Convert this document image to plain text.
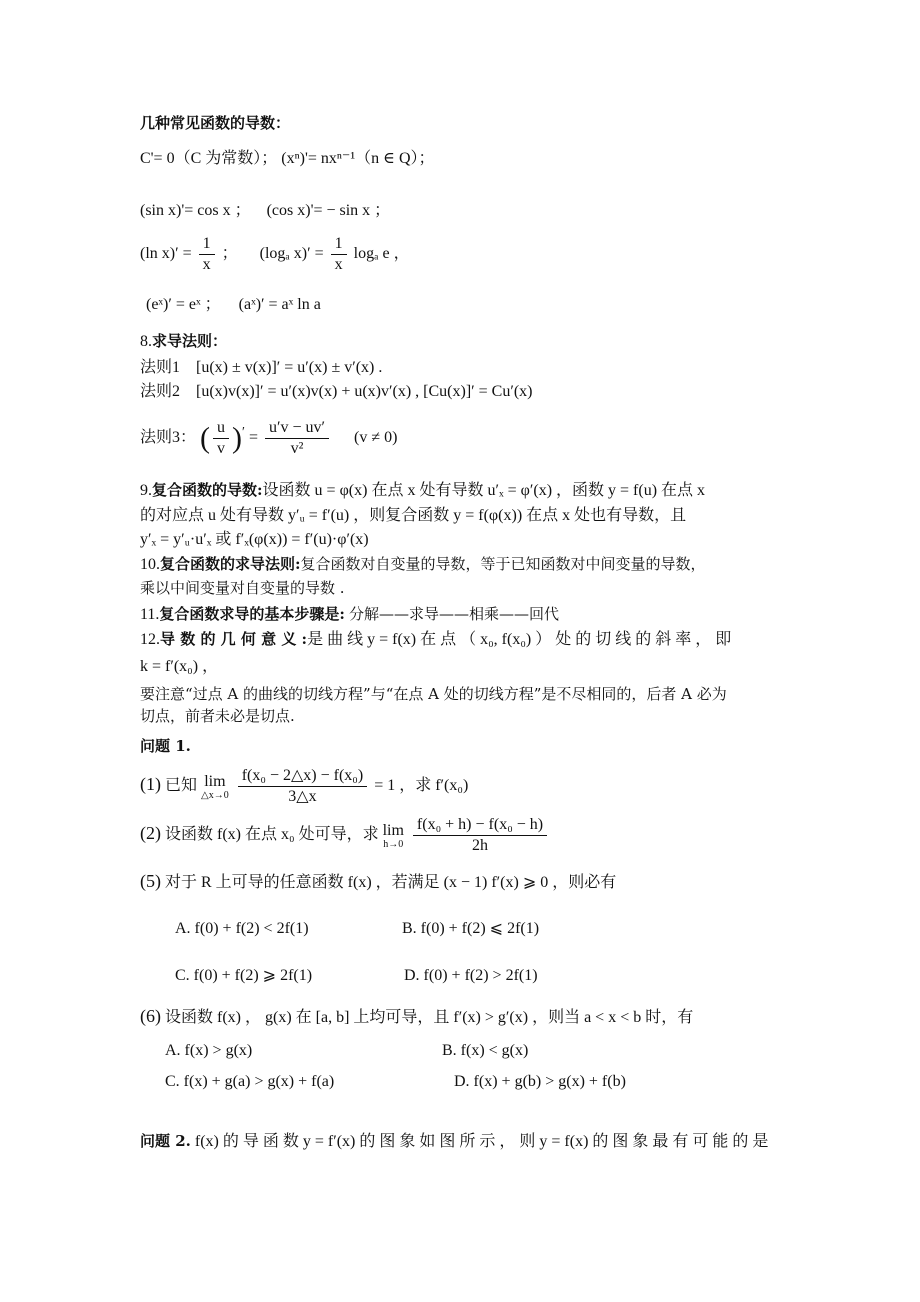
几种常见函数的导数：
C'= 0（C 为常数）； (xⁿ)'= nxⁿ⁻¹（n ∈ Q）；
(sin x)'= cos x ； (cos x)'= − sin x ；
(ln $x)' = \frac{1}{x}$ ； (logₐ $x)' = \frac{1}{x}$ logₐ e ，
(eˣ)′ = eˣ ； (aˣ)′ = aˣ ln a
8.求导法则：
法则1 [u(x) ± v(x)]′ = u′(x) ± v′(x) .
法则2 [u(x)v(x)]′ = u′(x)v(x) + u(x)v′(x) , [Cu(x)]′ = Cu′(x)
法则3： ( $\frac{u}{v} )' = \frac{u'v - uv'}{\text{v²}} (v \ne 0)$
9.复合函数的导数:设函数 u = φ(x) 在点 x 处有导数 u′ₓ = φ′(x) ，函数 y = f(u) 在点 x
的对应点 u 处有导数 y′ᵤ = f′(u) ，则复合函数 y = f(φ(x)) 在点 x 处也有导数，且
y′ₓ = y′ᵤ·u′ₓ 或 f′ₓ(φ(x)) = f′(u)·φ′(x)
10.复合函数的求导法则:复合函数对自变量的导数，等于已知函数对中间变量的导数，
乘以中间变量对自变量的导数 .
11.复合函数求导的基本步骤是: 分解——求导——相乘——回代
12.导 数 的 几 何 意 义 :是 曲 线 y = f(x) 在 点 （ x₀, f(x₀) ） 处 的 切 线 的 斜 率 ， 即
k = f′(x₀) ，
要注意“过点 A 的曲线的切线方程”与“在点 A 处的切线方程”是不尽相同的，后者 A 必为
切点，前者未必是切点.
问题 1.
(1) 已知 lim
△x→0
$\frac{\text{f(x₀ − 2△x) − f(x₀)}}{3\triangle x} = 1$ ，求 f′(x₀)
(2) 设函数 f(x) 在点 x₀ 处可导，求 lim
h→0
$\frac{\text{f(x₀ + h) − f(x₀ − h)}}{2h}$
(5) 对于 R 上可导的任意函数 f(x) ，若满足 (x − 1) f′(x) ⩾ 0 ，则必有
A. f(0) + f(2) < 2f(1)	B. f(0) + f(2) ⩽ 2f(1)
C. f(0) + f(2) ⩾ 2f(1)	D. f(0) + f(2) > 2f(1)
(6) 设函数 f(x) ， g(x) 在 [a, b] 上均可导，且 f′(x) > g′(x) ，则当 a < x < b 时，有
A. f(x) > g(x)	B. f(x) < g(x)
C. f(x) + g(a) > g(x) + f(a)	D. f(x) + g(b) > g(x) + f(b)
问题 2. f(x) 的 导 函 数 y = f′(x) 的 图 象 如 图 所 示 ， 则 y = f(x) 的 图 象 最 有 可 能 的 是
